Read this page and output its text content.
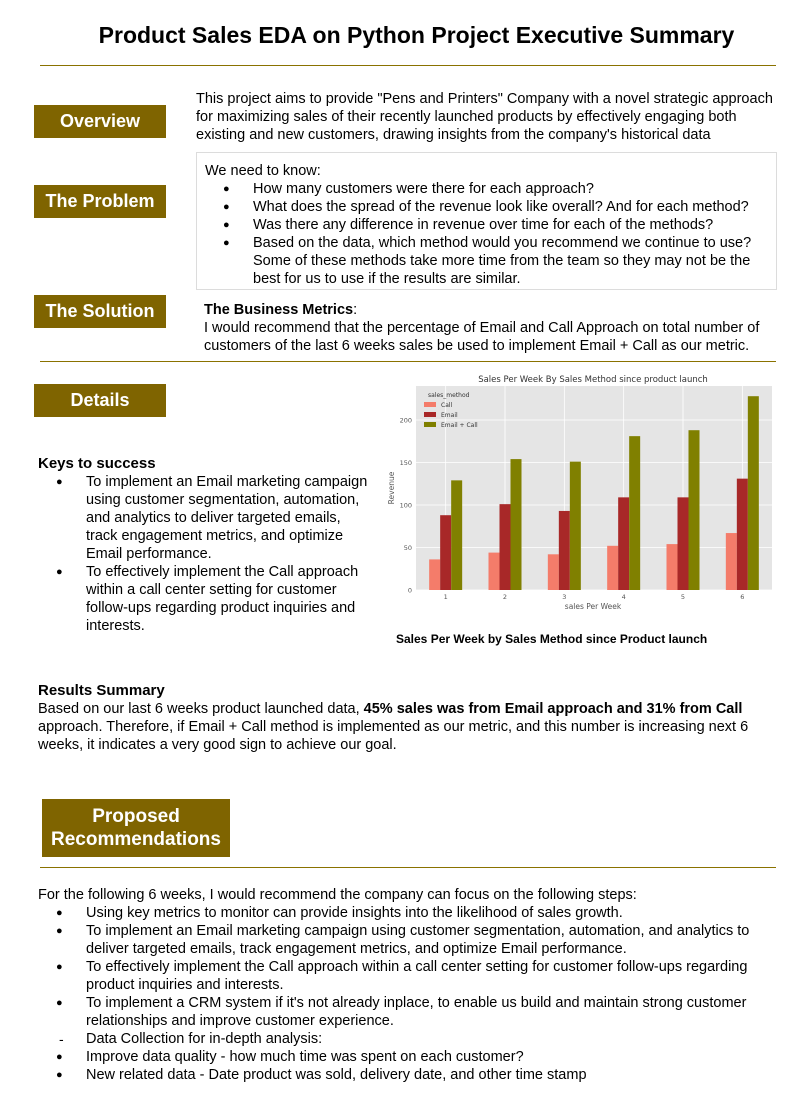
Product Sales EDA on Python Project Executive Summary
Overview
This project aims to provide "Pens and Printers" Company with a novel strategic approach for maximizing sales of their recently launched products by effectively engaging both existing and new customers, drawing insights from the company's historical data
The Problem
We need to know:
● How many customers were there for each approach?
● What does the spread of the revenue look like overall? And for each method?
● Was there any difference in revenue over time for each of the methods?
● Based on the data, which method would you recommend we continue to use? Some of these methods take more time from the team so they may not be the best for us to use if the results are similar.
The Solution	The Business Metrics:
I would recommend that the percentage of Email and Call Approach on total number of customers of the last 6 weeks sales be used to implement Email + Call as our metric.
Details
Keys to success
● To implement an Email marketing campaign using customer segmentation, automation, and analytics to deliver targeted emails, track engagement metrics, and optimize Email performance.
● To effectively implement the Call approach within a call center setting for customer follow-ups regarding product inquiries and interests.
Sales Per Week By Sales Method since product launch
0
50
100
150
200
1	2	3	4	5	6
Revenue
sales Per Week
sales_method
Call
Email
Email + Call
Sales Per Week by Sales Method since Product launch
Results Summary
Based on our last 6 weeks product launched data, 45% sales was from Email approach and 31% from Call approach. Therefore, if Email + Call method is implemented as our metric, and this number is increasing next 6 weeks, it indicates a very good sign to achieve our goal.
Proposed Recommendations
For the following 6 weeks, I would recommend the company can focus on the following steps:
● Using key metrics to monitor can provide insights into the likelihood of sales growth.
● To implement an Email marketing campaign using customer segmentation, automation, and analytics to deliver targeted emails, track engagement metrics, and optimize Email performance.
● To effectively implement the Call approach within a call center setting for customer follow-ups regarding product inquiries and interests.
● To implement a CRM system if it's not already inplace, to enable us build and maintain strong customer relationships and improve customer experience.
- Data Collection for in-depth analysis:
● Improve data quality - how much time was spent on each customer?
● New related data - Date product was sold, delivery date, and other time stamp
